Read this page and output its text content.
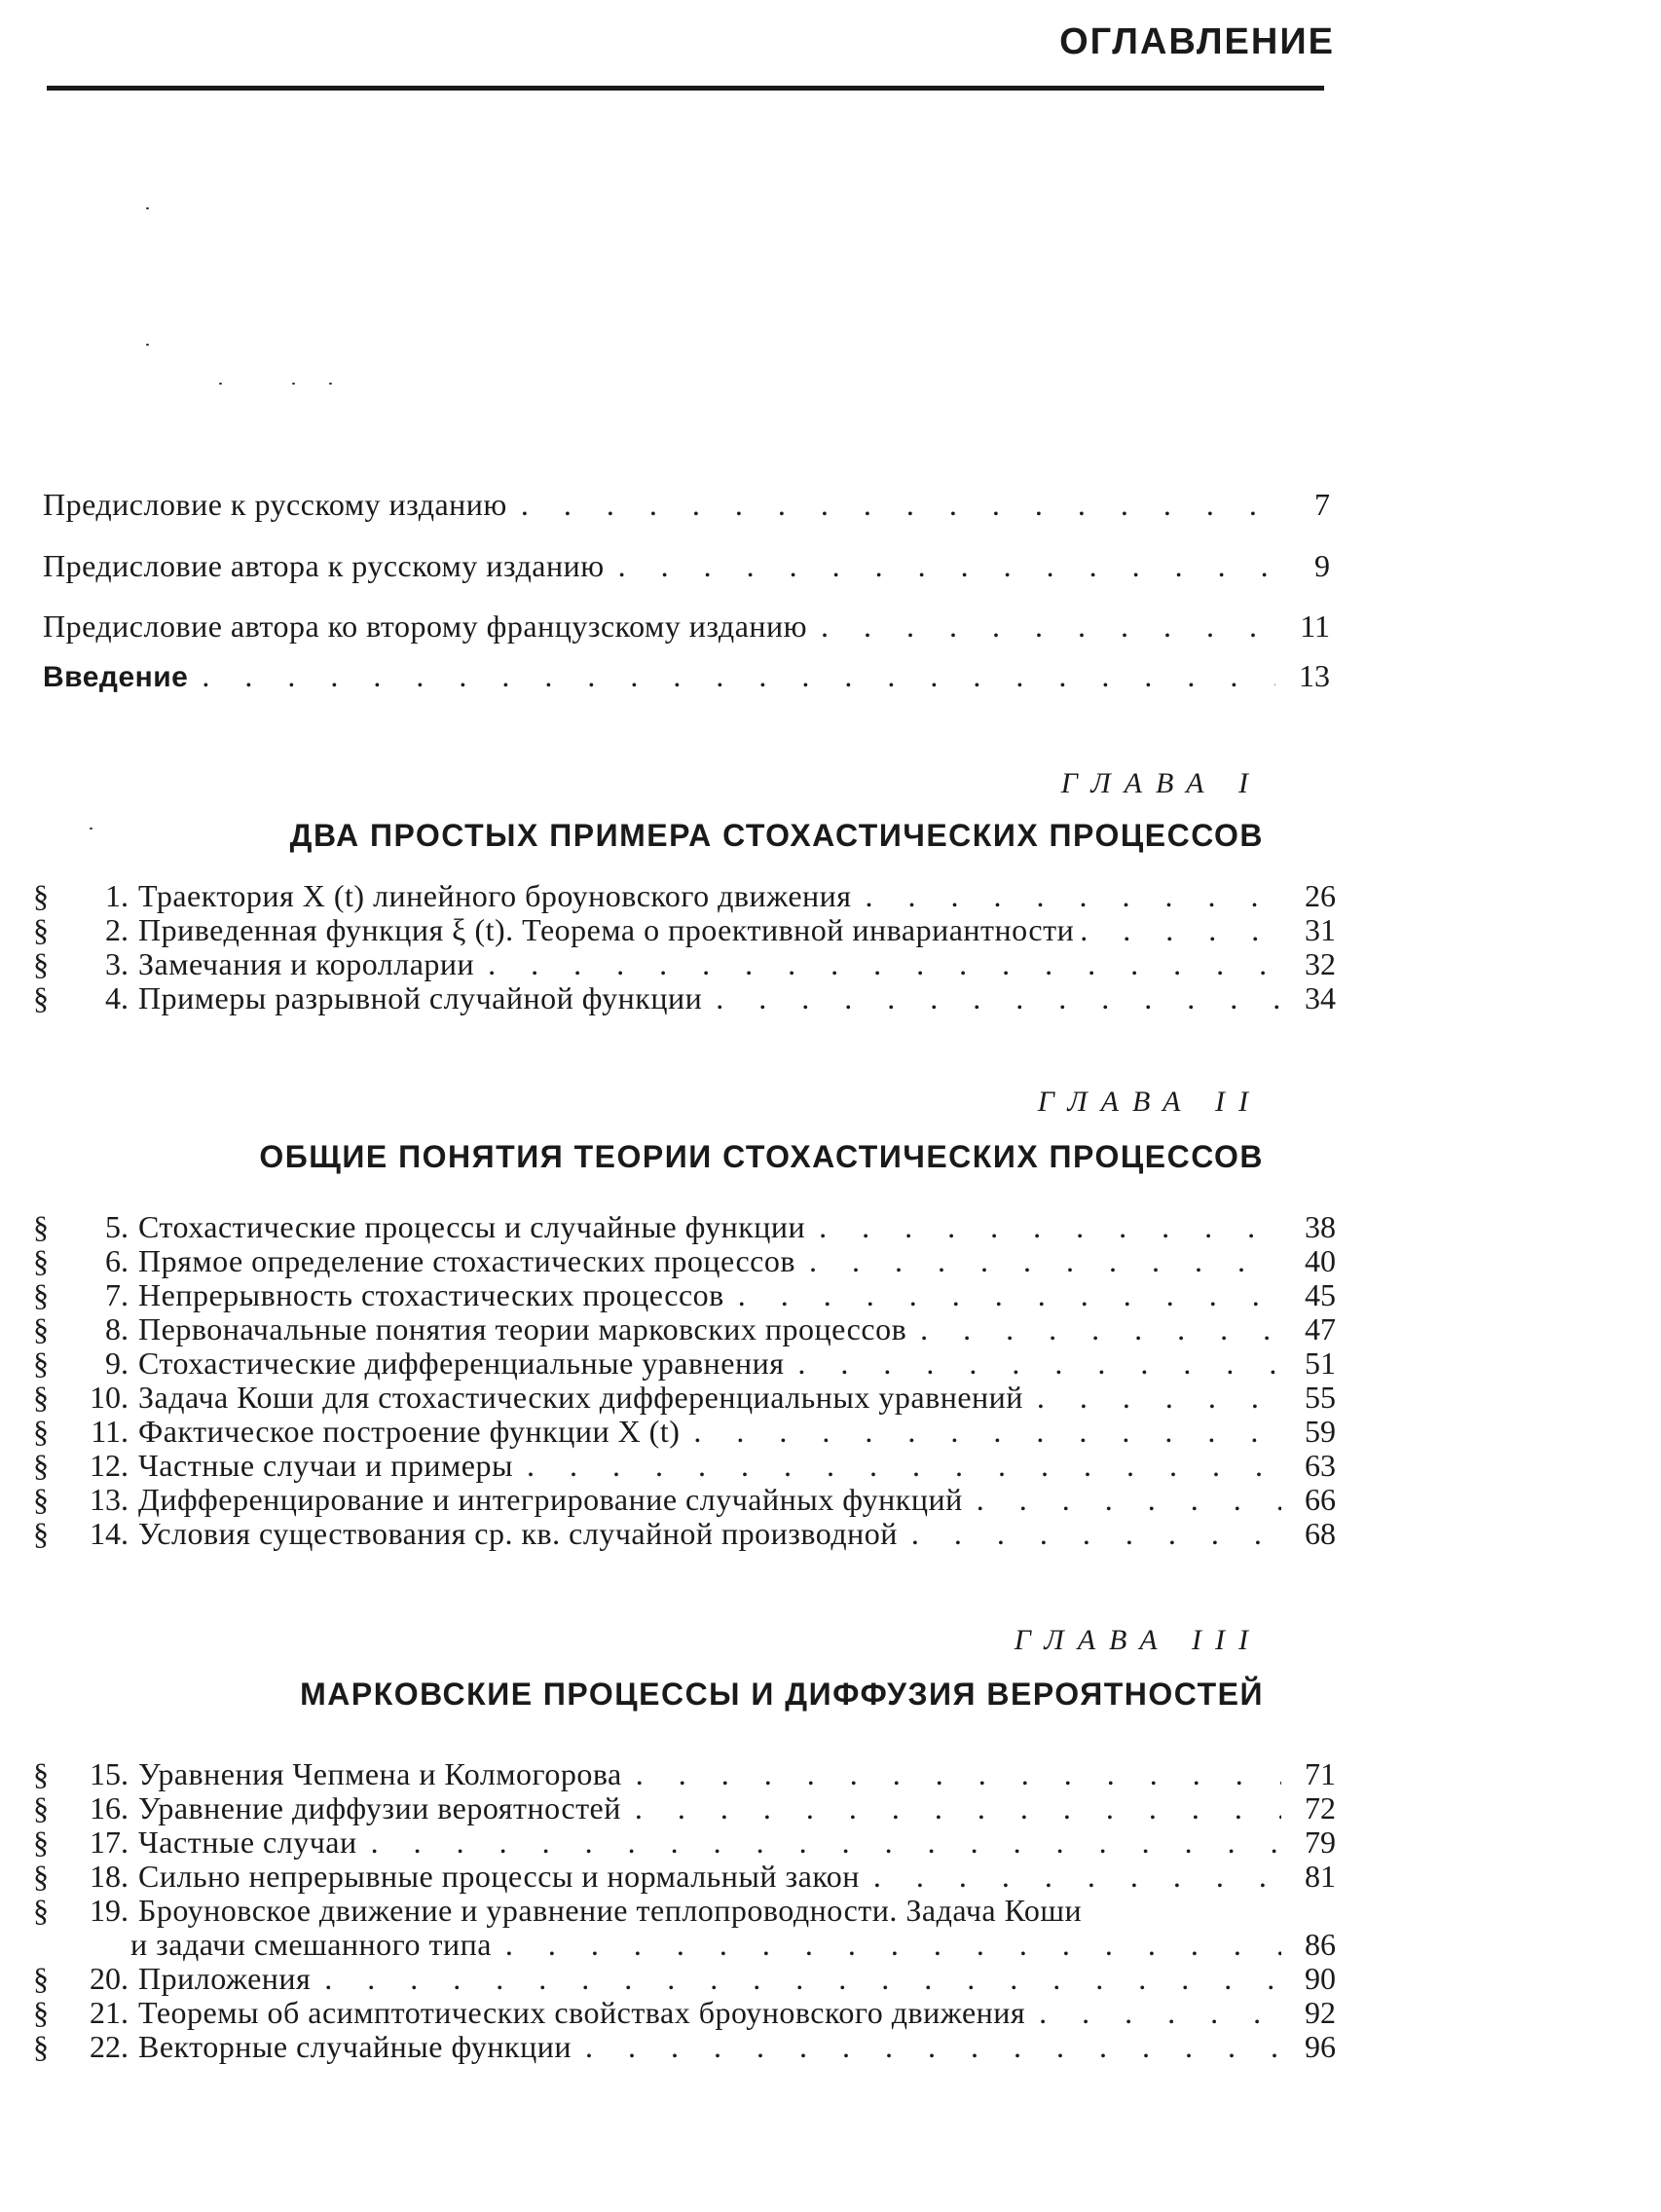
ОГЛАВЛЕНИЕ
Предисловие к русскому изданию . . .	7
Предисловие автора к русскому изданию . . .	9
Предисловие автора ко второму французскому изданию . . .	11
Введение . . .	13
ГЛАВА I
ДВА ПРОСТЫХ ПРИМЕРА СТОХАСТИЧЕСКИХ ПРОЦЕССОВ
§	1. Траектория X (t) линейного броуновского движения . . .	26
§	2. Приведенная функция ξ (t). Теорема о проективной инвариантности . . .	31
§	3. Замечания и королларии . . .	32
§	4. Примеры разрывной случайной функции . . .	34
ГЛАВА II
ОБЩИЕ ПОНЯТИЯ ТЕОРИИ СТОХАСТИЧЕСКИХ ПРОЦЕССОВ
§	5. Стохастические процессы и случайные функции . . .	38
§	6. Прямое определение стохастических процессов . . .	40
§	7. Непрерывность стохастических процессов . . .	45
§	8. Первоначальные понятия теории марковских процессов . . .	47
§	9. Стохастические дифференциальные уравнения . . .	51
§	10. Задача Коши для стохастических дифференциальных уравнений . . .	55
§	11. Фактическое построение функции X (t) . . .	59
§	12. Частные случаи и примеры . . .	63
§	13. Дифференцирование и интегрирование случайных функций . . .	66
§	14. Условия существования ср. кв. случайной производной . . .	68
ГЛАВА III
МАРКОВСКИЕ ПРОЦЕССЫ И ДИФФУЗИЯ ВЕРОЯТНОСТЕЙ
§	15. Уравнения Чепмена и Колмогорова . . .	71
§	16. Уравнение диффузии вероятностей . . .	72
§	17. Частные случаи . . .	79
§	18. Сильно непрерывные процессы и нормальный закон . . .	81
§	19. Броуновское движение и уравнение теплопроводности. Задача Коши
и задачи смешанного типа . . .	86
§	20. Приложения . . .	90
§	21. Теоремы об асимптотических свойствах броуновского движения . . .	92
§	22. Векторные случайные функции . . .	96
